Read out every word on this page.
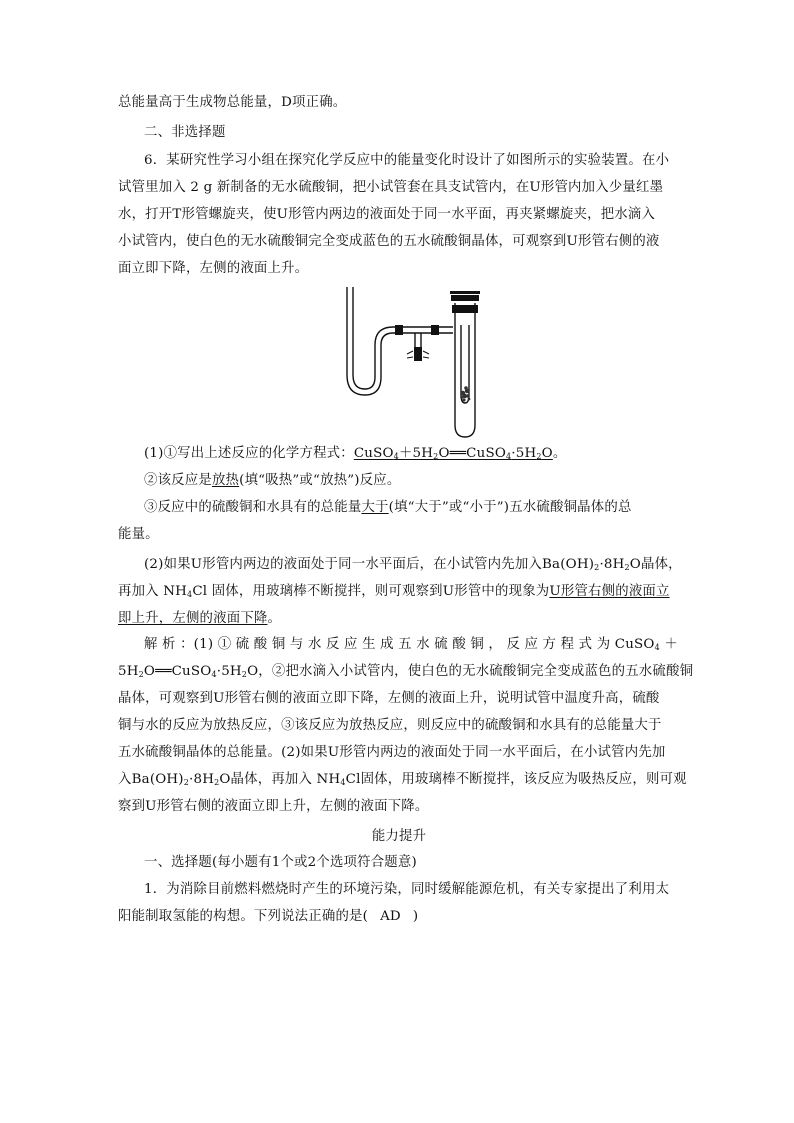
总能量高于生成物总能量，D项正确。
二、非选择题
6．某研究性学习小组在探究化学反应中的能量变化时设计了如图所示的实验装置。在小
试管里加入 2 g 新制备的无水硫酸铜，把小试管套在具支试管内，在U形管内加入少量红墨
水，打开T形管螺旋夹，使U形管内两边的液面处于同一水平面，再夹紧螺旋夹，把水滴入
小试管内，使白色的无水硫酸铜完全变成蓝色的五水硫酸铜晶体，可观察到U形管右侧的液
面立即下降，左侧的液面上升。
(1)①写出上述反应的化学方程式：$CuSO_4+5H_2O══CuSO_4\cdot 5H_2O$。
②该反应是放热(填“吸热”或“放热”)反应。
③反应中的硫酸铜和水具有的总能量大于(填“大于”或“小于”)五水硫酸铜晶体的总
能量。
(2)如果U形管内两边的液面处于同一水平面后，在小试管内先加入$Ba(OH)_2\cdot 8H_2O$晶体，
再加入 $NH_4Cl$ 固体，用玻璃棒不断搅拌，则可观察到U形管中的现象为U形管右侧的液面立
即上升，左侧的液面下降。
解 析 ：(1) ① 硫 酸 铜 与 水 反 应 生 成 五 水 硫 酸 铜 ， 反 应 方 程 式 为 CuSO$_4$ ＋
$5H_2O══CuSO_4\cdot 5H_2O$，②把水滴入小试管内，使白色的无水硫酸铜完全变成蓝色的五水硫酸铜
晶体，可观察到U形管右侧的液面立即下降，左侧的液面上升，说明试管中温度升高，硫酸
铜与水的反应为放热反应，③该反应为放热反应，则反应中的硫酸铜和水具有的总能量大于
五水硫酸铜晶体的总能量。(2)如果U形管内两边的液面处于同一水平面后，在小试管内先加
入$Ba(OH)_2\cdot 8H_2O$晶体，再加入 $NH_4Cl$固体，用玻璃棒不断搅拌，该反应为吸热反应，则可观
察到U形管右侧的液面立即上升，左侧的液面下降。
能力提升
一、选择题(每小题有1个或2个选项符合题意)
1．为消除目前燃料燃烧时产生的环境污染，同时缓解能源危机，有关专家提出了利用太
阳能制取氢能的构想。下列说法正确的是( AD )
